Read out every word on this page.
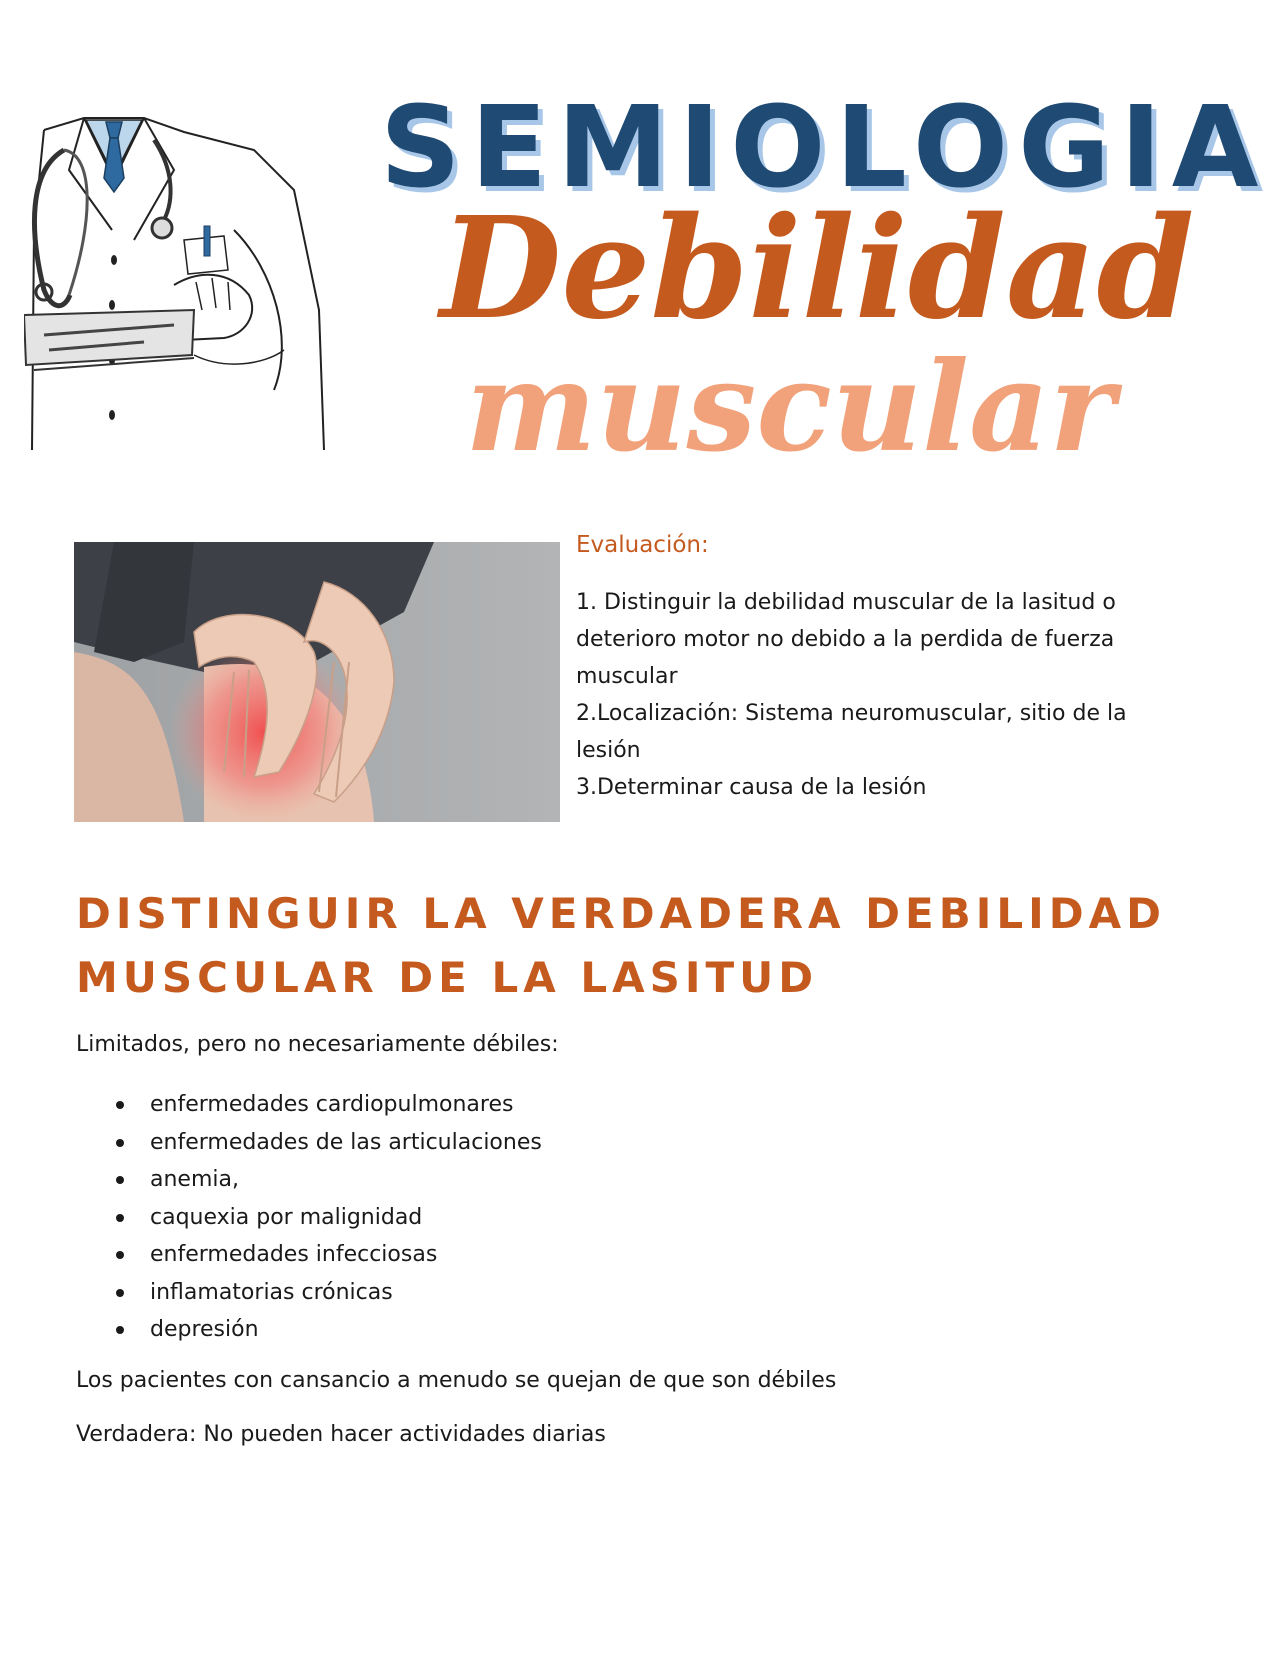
SEMIOLOGIA
Debilidad
muscular
Evaluación:

1. Distinguir la debilidad muscular de la lasitud o deterioro motor no debido a la perdida de fuerza muscular

2.Localización: Sistema neuromuscular, sitio de la lesión

3.Determinar causa de la lesión

DISTINGUIR LA VERDADERA DEBILIDAD
MUSCULAR DE LA LASITUD

Limitados, pero no necesariamente débiles:

enfermedades cardiopulmonares
enfermedades de las articulaciones
anemia,
caquexia por malignidad
enfermedades infecciosas
inflamatorias crónicas
depresión

Los pacientes con cansancio a menudo se quejan de que son débiles

Verdadera: No pueden hacer actividades diarias
